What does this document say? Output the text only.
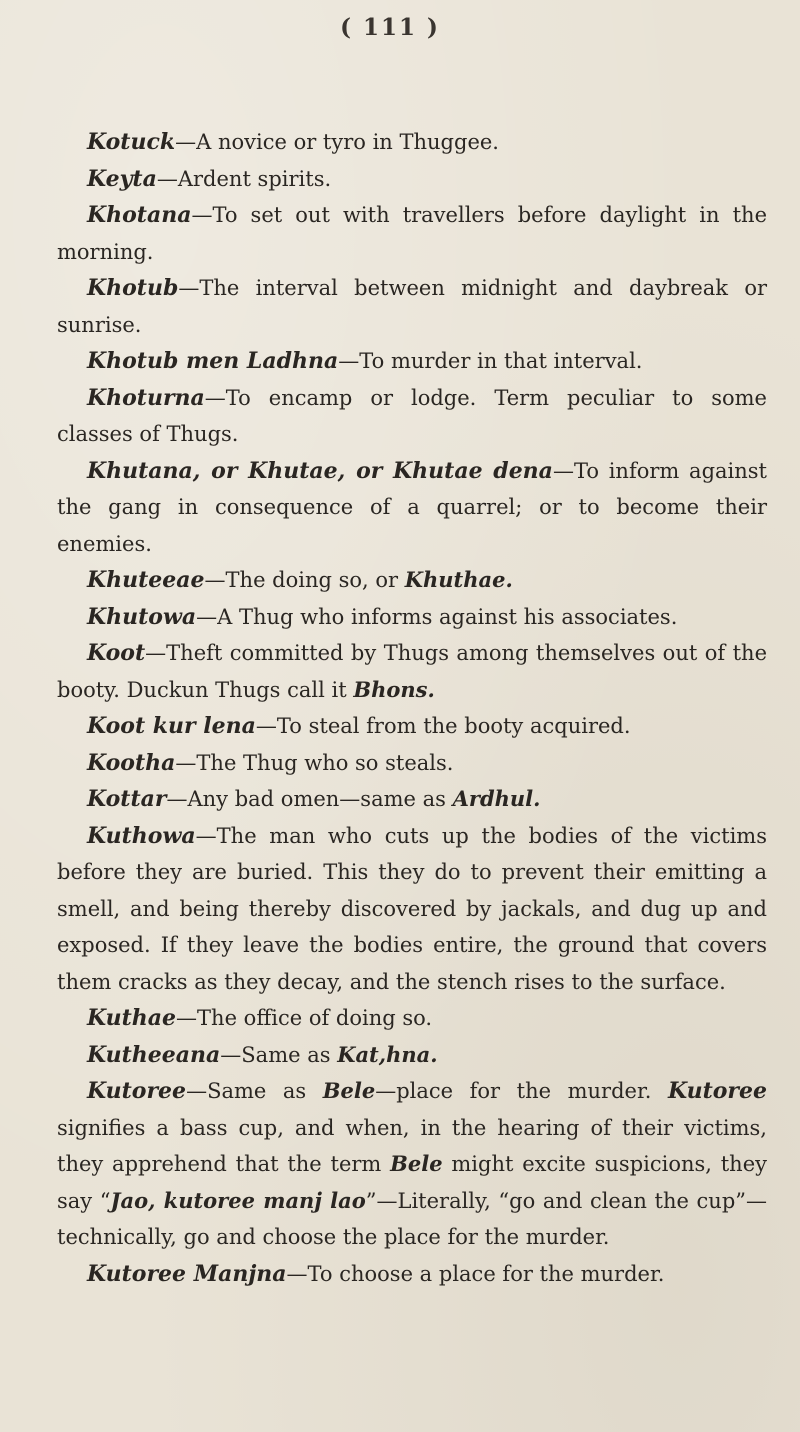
( 111 )

Kotuck—A novice or tyro in Thuggee.

Keyta—Ardent spirits.

Khotana—To set out with travellers before daylight in the morning.

Khotub—The interval between midnight and daybreak or sunrise.

Khotub men Ladhna—To murder in that interval.

Khoturna—To encamp or lodge. Term peculiar to some classes of Thugs.

Khutana, or Khutae, or Khutae dena—To inform against the gang in consequence of a quarrel; or to become their enemies.

Khuteeae—The doing so, or Khuthae.

Khutowa—A Thug who informs against his associates.

Koot—Theft committed by Thugs among themselves out of the booty. Duckun Thugs call it Bhons.

Koot kur lena—To steal from the booty acquired.

Kootha—The Thug who so steals.

Kottar—Any bad omen—same as Ardhul.

Kuthowa—The man who cuts up the bodies of the victims before they are buried. This they do to prevent their emitting a smell, and being thereby discovered by jackals, and dug up and exposed. If they leave the bodies entire, the ground that covers them cracks as they decay, and the stench rises to the surface.

Kuthae—The office of doing so.

Kutheeana—Same as Kat,hna.

Kutoree—Same as Bele—place for the murder. Kutoree signifies a bass cup, and when, in the hearing of their victims, they apprehend that the term Bele might excite suspicions, they say “Jao, kutoree manj lao”—Literally, “go and clean the cup”—technically, go and choose the place for the murder.

Kutoree Manjna—To choose a place for the murder.
